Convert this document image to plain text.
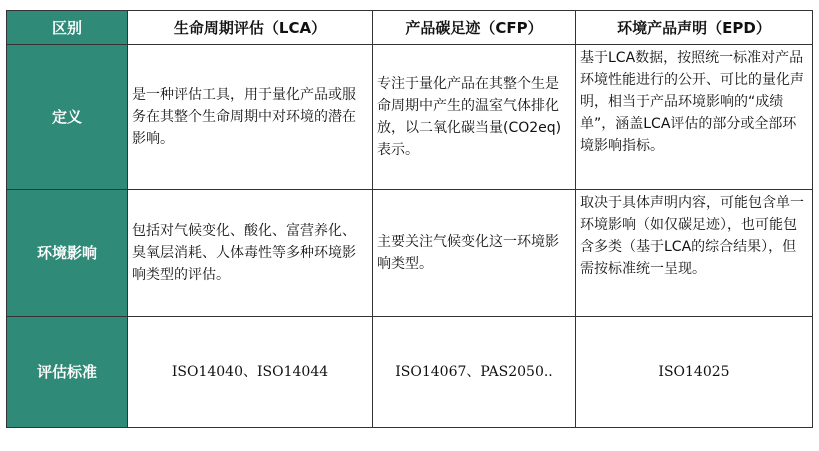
区别	生命周期评估（LCA）	产品碳足迹（CFP）	环境产品声明（EPD）
定义	是一种评估工具，用于量化产品或服务在其整个生命周期中对环境的潜在影响。	专注于量化产品在其整个生是命周期中产生的温室气体排化放，以二氧化碳当量(CO2eq)表示。	基于LCA数据，按照统一标准对产品环境性能进行的公开、可比的量化声明，相当于产品环境影响的“成绩单”，涵盖LCA评估的部分或全部环境影响指标。
环境影响	包括对气候变化、酸化、富营养化、臭氧层消耗、人体毒性等多种环境影响类型的评估。	主要关注气候变化这一环境影响类型。	取决于具体声明内容，可能包含单一环境影响（如仅碳足迹），也可能包含多类（基于LCA的综合结果），但需按标准统一呈现。
评估标准	ISO14040、ISO14044	ISO14067、PAS2050..	ISO14025
